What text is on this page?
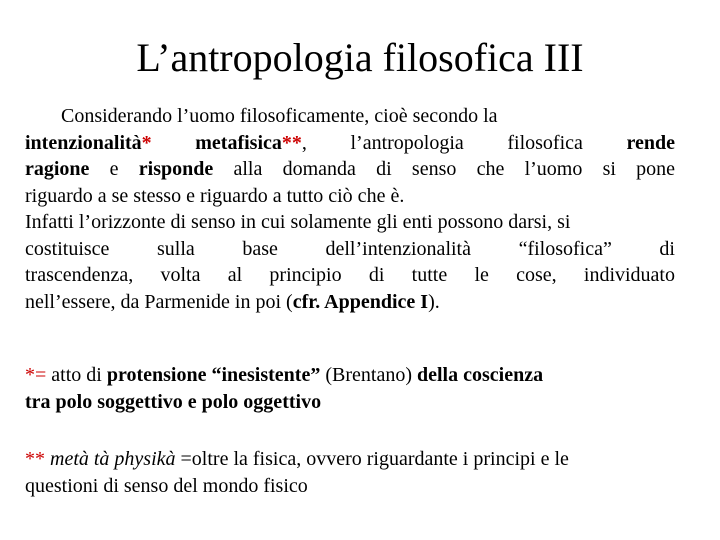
L’antropologia filosofica III
Considerando l’uomo filosoficamente, cioè secondo la
intenzionalità* metafisica**, l’antropologia filosofica rende
ragione e risponde alla domanda di senso che l’uomo si pone
riguardo a se stesso e riguardo a tutto ciò che è.
Infatti l’orizzonte di senso in cui solamente gli enti possono darsi, si
costituisce sulla base dell’intenzionalità “filosofica” di
trascendenza, volta al principio di tutte le cose, individuato
nell’essere, da Parmenide in poi (cfr. Appendice I).
*= atto di protensione “inesistente” (Brentano) della coscienza
tra polo soggettivo e polo oggettivo
** metà tà physikà =oltre la fisica, ovvero riguardante i principi e le
questioni di senso del mondo fisico
